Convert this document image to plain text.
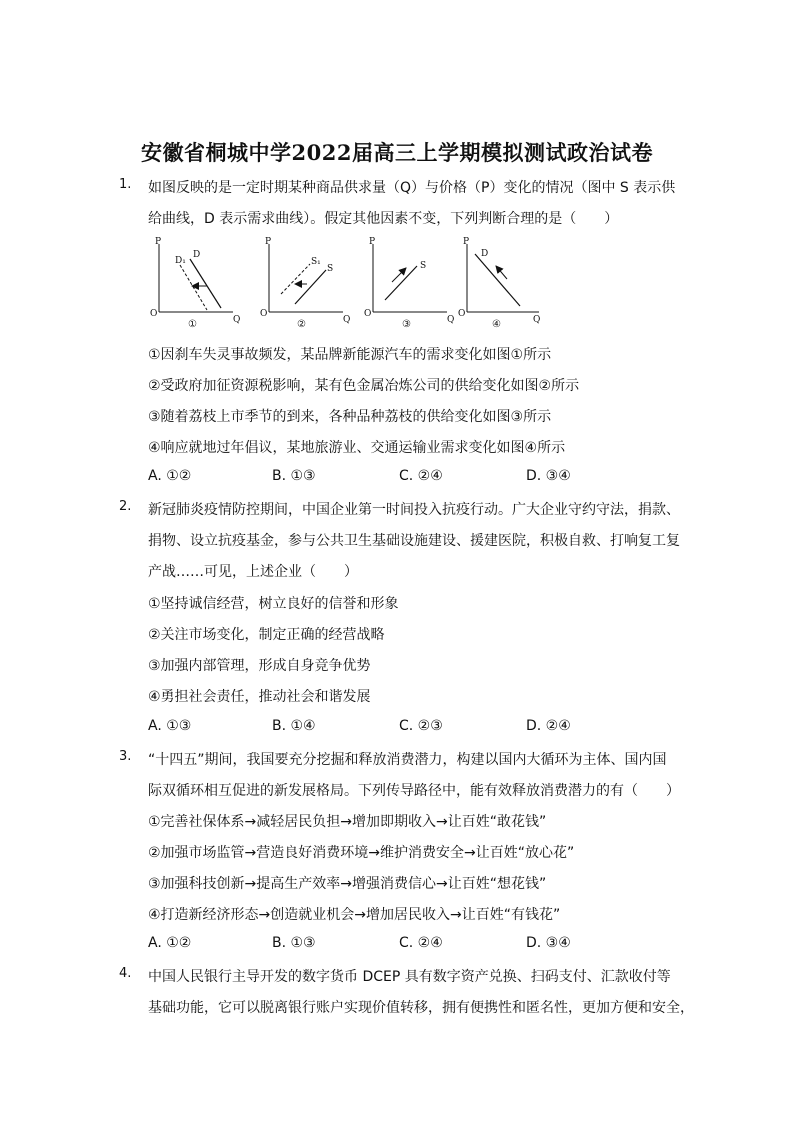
安徽省桐城中学2022届高三上学期模拟测试政治试卷
1. 如图反映的是一定时期某种商品供求量（Q）与价格（P）变化的情况（图中 S 表示供
给曲线，D 表示需求曲线）。假定其他因素不变，下列判断合理的是（　　）
P
Q
O
D₁
D
①
P
Q
O
S₁
S
②
P
Q
O
S
③
P
Q
O
D
④
①因刹车失灵事故频发，某品牌新能源汽车的需求变化如图①所示
②受政府加征资源税影响，某有色金属冶炼公司的供给变化如图②所示
③随着荔枝上市季节的到来，各种品种荔枝的供给变化如图③所示
④响应就地过年倡议，某地旅游业、交通运输业需求变化如图④所示
A. ①②	B. ①③	C. ②④	D. ③④
2. 新冠肺炎疫情防控期间，中国企业第一时间投入抗疫行动。广大企业守约守法，捐款、
捐物、设立抗疫基金，参与公共卫生基础设施建设、援建医院，积极自救、打响复工复
产战……可见，上述企业（　　）
①坚持诚信经营，树立良好的信誉和形象
②关注市场变化，制定正确的经营战略
③加强内部管理，形成自身竞争优势
④勇担社会责任，推动社会和谐发展
A. ①③	B. ①④	C. ②③	D. ②④
3. “十四五”期间，我国要充分挖掘和释放消费潜力，构建以国内大循环为主体、国内国
际双循环相互促进的新发展格局。下列传导路径中，能有效释放消费潜力的有（　　）
①完善社保体系→减轻居民负担→增加即期收入→让百姓“敢花钱”
②加强市场监管→营造良好消费环境→维护消费安全→让百姓“放心花”
③加强科技创新→提高生产效率→增强消费信心→让百姓“想花钱”
④打造新经济形态→创造就业机会→增加居民收入→让百姓“有钱花”
A. ①②	B. ①③	C. ②④	D. ③④
4. 中国人民银行主导开发的数字货币 DCEP 具有数字资产兑换、扫码支付、汇款收付等
基础功能，它可以脱离银行账户实现价值转移，拥有便携性和匿名性，更加方便和安全，
